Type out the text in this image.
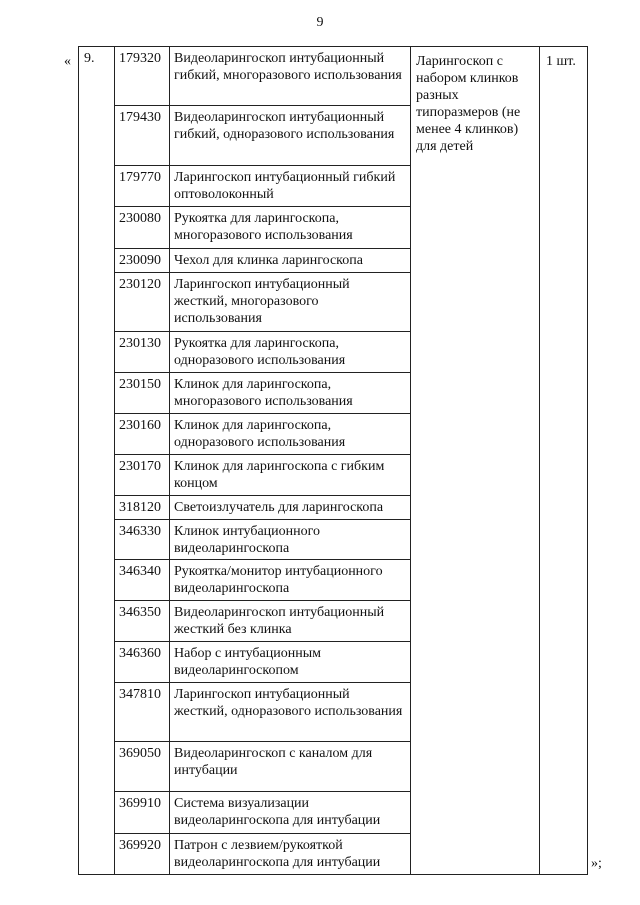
9
« 9.	179320	Видеоларингоскоп интубационный гибкий, многоразового использования	Ларингоскоп с набором клинков разных типоразмеров (не менее 4 клинков) для детей	1 шт.
	179430	Видеоларингоскоп интубационный гибкий, одноразового использования		
	179770	Ларингоскоп интубационный гибкий оптоволоконный		
	230080	Рукоятка для ларингоскопа, многоразового использования		
	230090	Чехол для клинка ларингоскопа		
	230120	Ларингоскоп интубационный жесткий, многоразового использования		
	230130	Рукоятка для ларингоскопа, одноразового использования		
	230150	Клинок для ларингоскопа, многоразового использования		
	230160	Клинок для ларингоскопа, одноразового использования		
	230170	Клинок для ларингоскопа с гибким концом		
	318120	Светоизлучатель для ларингоскопа		
	346330	Клинок интубационного видеоларингоскопа		
	346340	Рукоятка/монитор интубационного видеоларингоскопа		
	346350	Видеоларингоскоп интубационный жесткий без клинка		
	346360	Набор с интубационным видеоларингоскопом		
	347810	Ларингоскоп интубационный жесткий, одноразового использования		
	369050	Видеоларингоскоп с каналом для интубации		
	369910	Система визуализации видеоларингоскопа для интубации		
	369920	Патрон с лезвием/рукояткой видеоларингоскопа для интубации			»;
